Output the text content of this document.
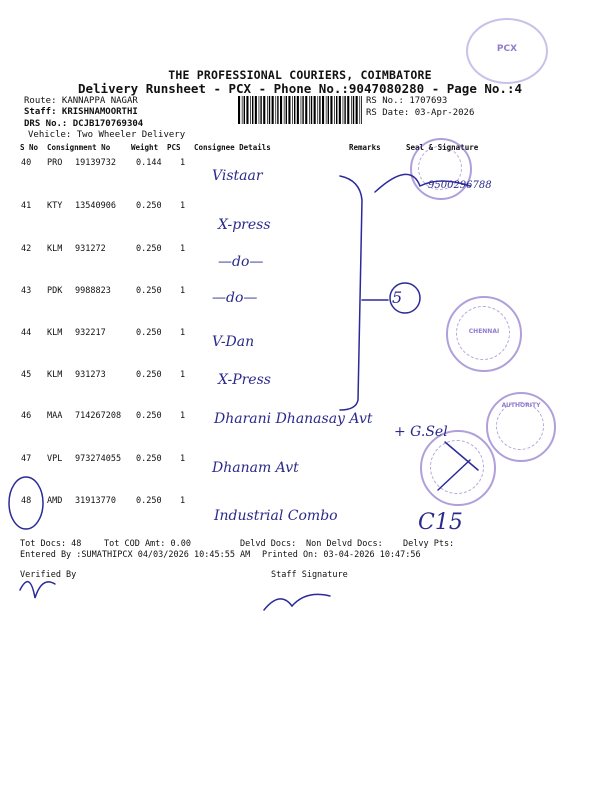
THE PROFESSIONAL COURIERS, COIMBATORE
Delivery Runsheet - PCX - Phone No.:9047080280 - Page No.:4
Route: KANNAPPA NAGAR
Staff: KRISHNAMOORTHI
DRS No.: DCJB170769304
Vehicle: Two Wheeler Delivery
RS No.: 1707693
RS Date: 03-Apr-2026
S No Consignment No	Weight PCS Consignee Details	Remarks	Seal & Signature
40 PRO 19139732 0.144 1
Vistaar
41 KTY 13540906 0.250 1
X-press
42 KLM 931272	0.250 1
—do—
43 PDK 9988823	0.250 1 —do—
44 KLM 932217	0.250 1
V-Dan
45 KLM 931273	0.250 1 X-Press
46 MAA 714267208 0.250 1 Dharani Dhanasay Avt
47 VPL 973274055 0.250 1
Dhanam Avt
48 AMD 31913770 0.250 1
Industrial Combo
CHENNAI
AUTHORITY
PCX
5
9500296788
C15
+ G.Sel
Tot Docs: 48	Tot COD Amt: 0.00	Delvd Docs: Non Delvd Docs: Delvy Pts:
Entered By :SUMATHIPCX 04/03/2026 10:45:55 AM Printed On: 03-04-2026 10:47:56
Verified By	Staff Signature
